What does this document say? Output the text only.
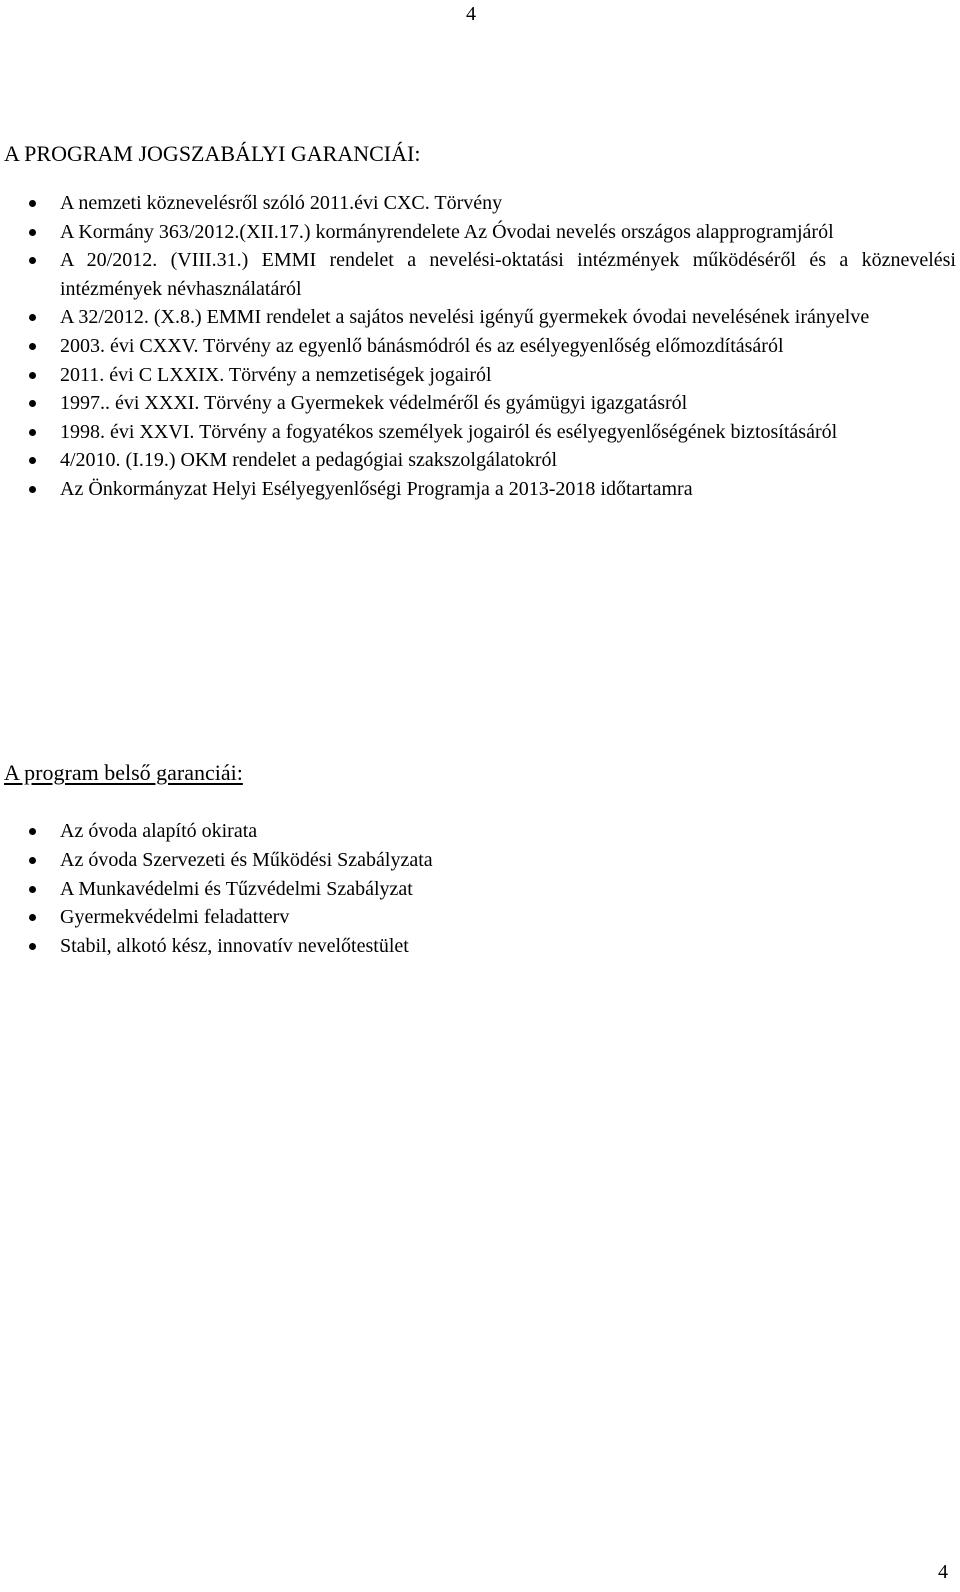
4
A PROGRAM JOGSZABÁLYI GARANCIÁI:
A nemzeti köznevelésről szóló 2011.évi CXC. Törvény
A Kormány 363/2012.(XII.17.) kormányrendelete Az Óvodai nevelés országos alapprogramjáról
A 20/2012. (VIII.31.) EMMI rendelet a nevelési-oktatási intézmények működéséről és a köznevelési intézmények névhasználatáról
A 32/2012. (X.8.) EMMI rendelet a sajátos nevelési igényű gyermekek óvodai nevelésének irányelve
2003. évi CXXV. Törvény az egyenlő bánásmódról és az esélyegyenlőség előmozdításáról
2011. évi C LXXIX. Törvény a nemzetiségek jogairól
1997.. évi XXXI. Törvény a Gyermekek védelméről és gyámügyi igazgatásról
1998. évi XXVI. Törvény a fogyatékos személyek jogairól és esélyegyenlőségének biztosításáról
4/2010. (I.19.) OKM rendelet a pedagógiai szakszolgálatokról
Az Önkormányzat Helyi Esélyegyenlőségi Programja a 2013-2018 időtartamra
A program belső garanciái:
Az óvoda alapító okirata
Az óvoda Szervezeti és Működési Szabályzata
A Munkavédelmi és Tűzvédelmi Szabályzat
Gyermekvédelmi feladatterv
Stabil, alkotó kész, innovatív nevelőtestület
4
